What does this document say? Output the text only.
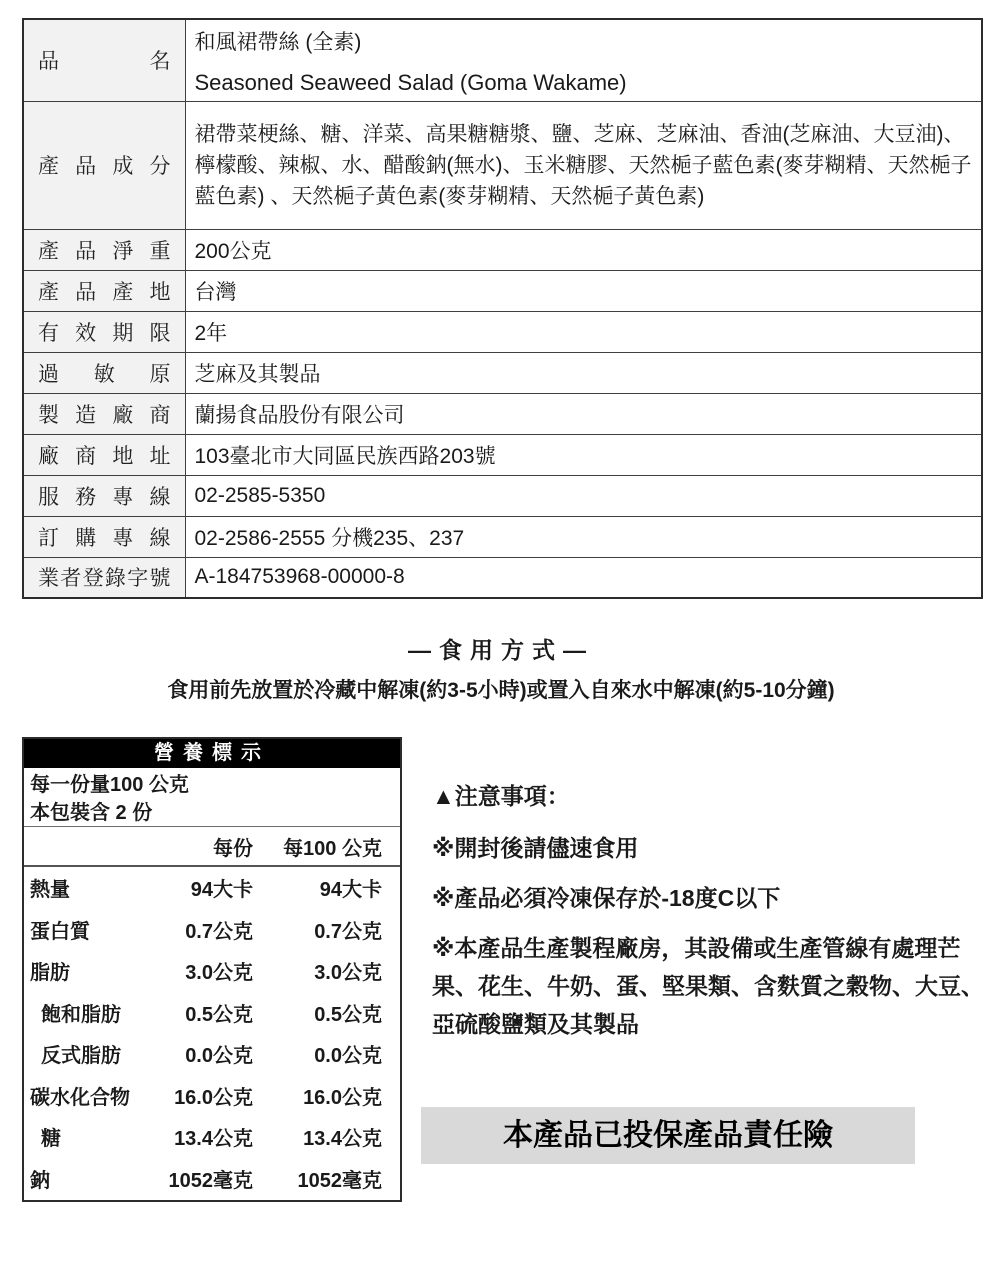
品名	和風裙帶絲 (全素)
Seasoned Seaweed Salad (Goma Wakame)

產品成分	裙帶菜梗絲、糖、洋菜、高果糖糖漿、鹽、芝麻、芝麻油、香油(芝麻油、大豆油)、檸檬酸、辣椒、水、醋酸鈉(無水)、玉米糖膠、天然梔子藍色素(麥芽糊精、天然梔子藍色素) 、天然梔子黃色素(麥芽糊精、天然梔子黃色素)

產品淨重	200公克
產品產地	台灣
有效期限	2年
過敏原	芝麻及其製品
製造廠商	蘭揚食品股份有限公司
廠商地址	103臺北市大同區民族西路203號
服務專線	02-2585-5350
訂購專線	02-2586-2555 分機235、237
業者登錄字號	A-184753968-00000-8
—食用方式—
食用前先放置於冷藏中解凍(約3-5小時)或置入自來水中解凍(約5-10分鐘)
營養標示
每一份量100 公克
本包裝含 2 份
每份	每100 公克
熱量	94大卡	94大卡
蛋白質	0.7公克	0.7公克
脂肪	3.0公克	3.0公克
飽和脂肪	0.5公克	0.5公克
反式脂肪	0.0公克	0.0公克
碳水化合物	16.0公克	16.0公克
糖	13.4公克	13.4公克
鈉	1052毫克	1052毫克
▲注意事項：
※開封後請儘速食用
※產品必須冷凍保存於-18度C以下
※本產品生產製程廠房，其設備或生產管線有處理芒果、花生、牛奶、蛋、堅果類、含麩質之穀物、大豆、亞硫酸鹽類及其製品
本產品已投保產品責任險
